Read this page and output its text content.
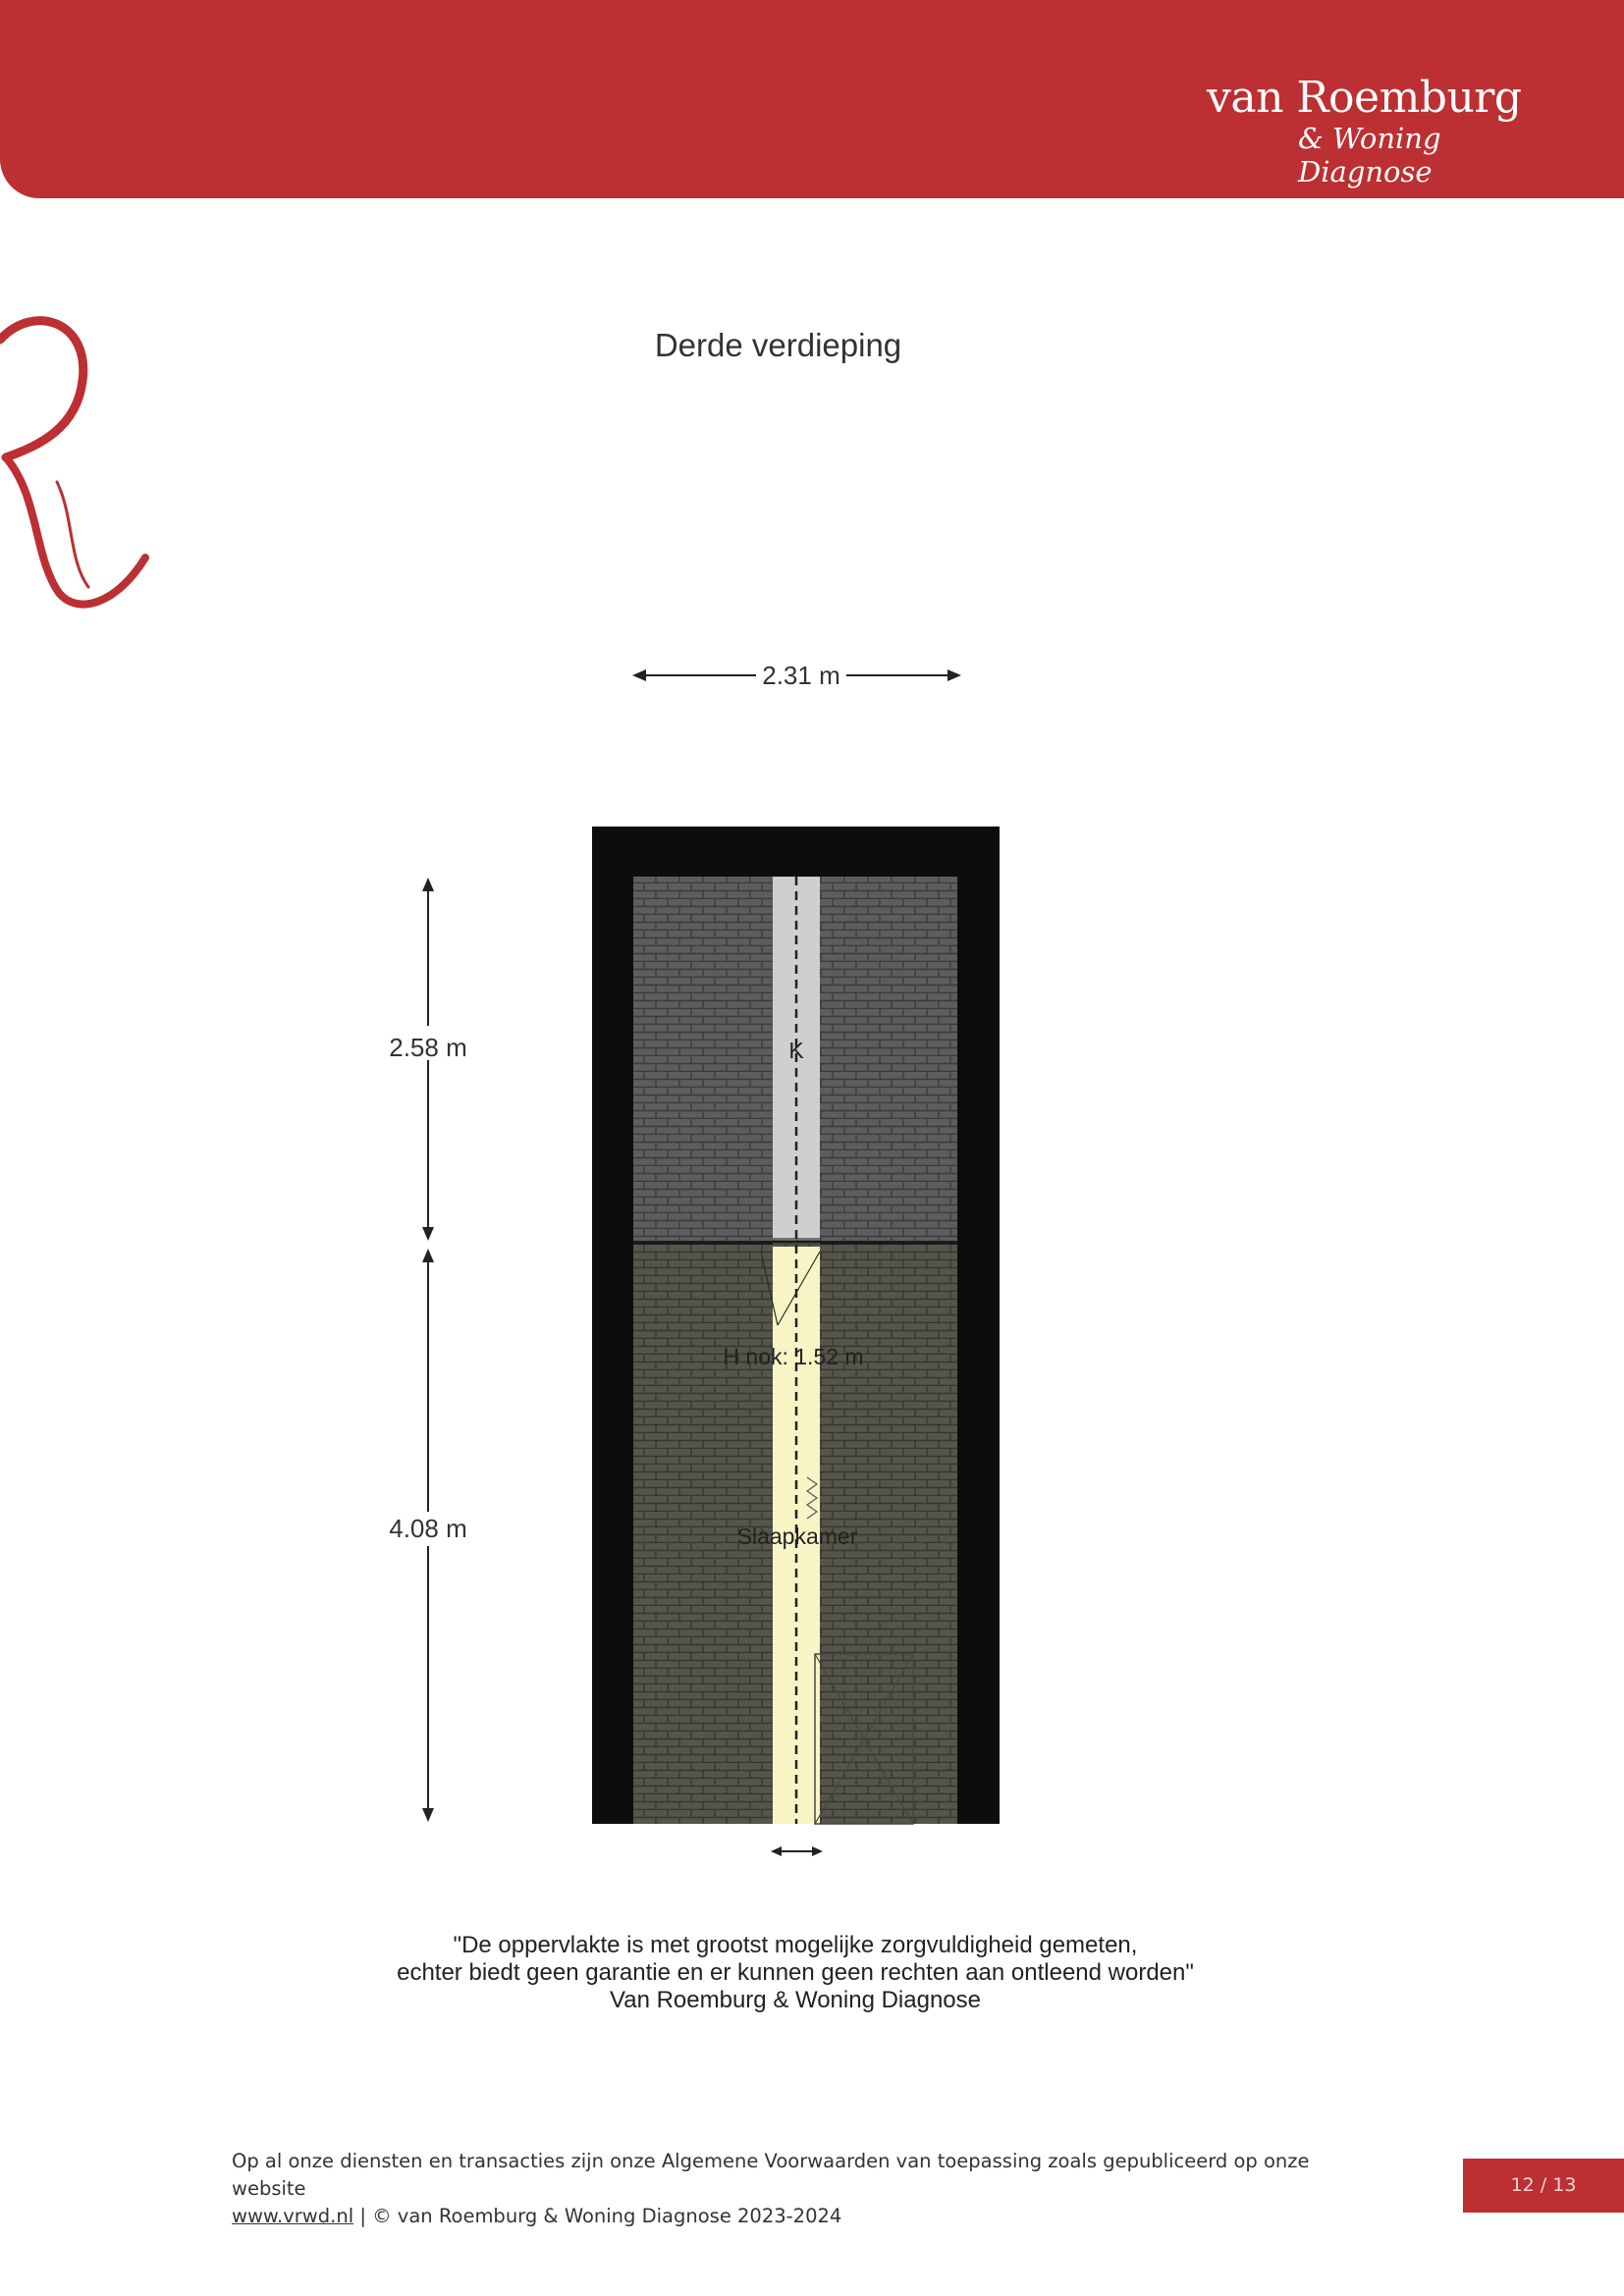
van Roemburg
& Woning Diagnose
Derde verdieping
2.31 m
K
H nok: 1.52 m
Slaapkamer
2.58 m
4.08 m
"De oppervlakte is met grootst mogelijke zorgvuldigheid gemeten,
echter biedt geen garantie en er kunnen geen rechten aan ontleend worden"
Van Roemburg & Woning Diagnose
Op al onze diensten en transacties zijn onze Algemene Voorwaarden van toepassing zoals gepubliceerd op onze website
www.vrwd.nl | © van Roemburg & Woning Diagnose 2023-2024
12 / 13
